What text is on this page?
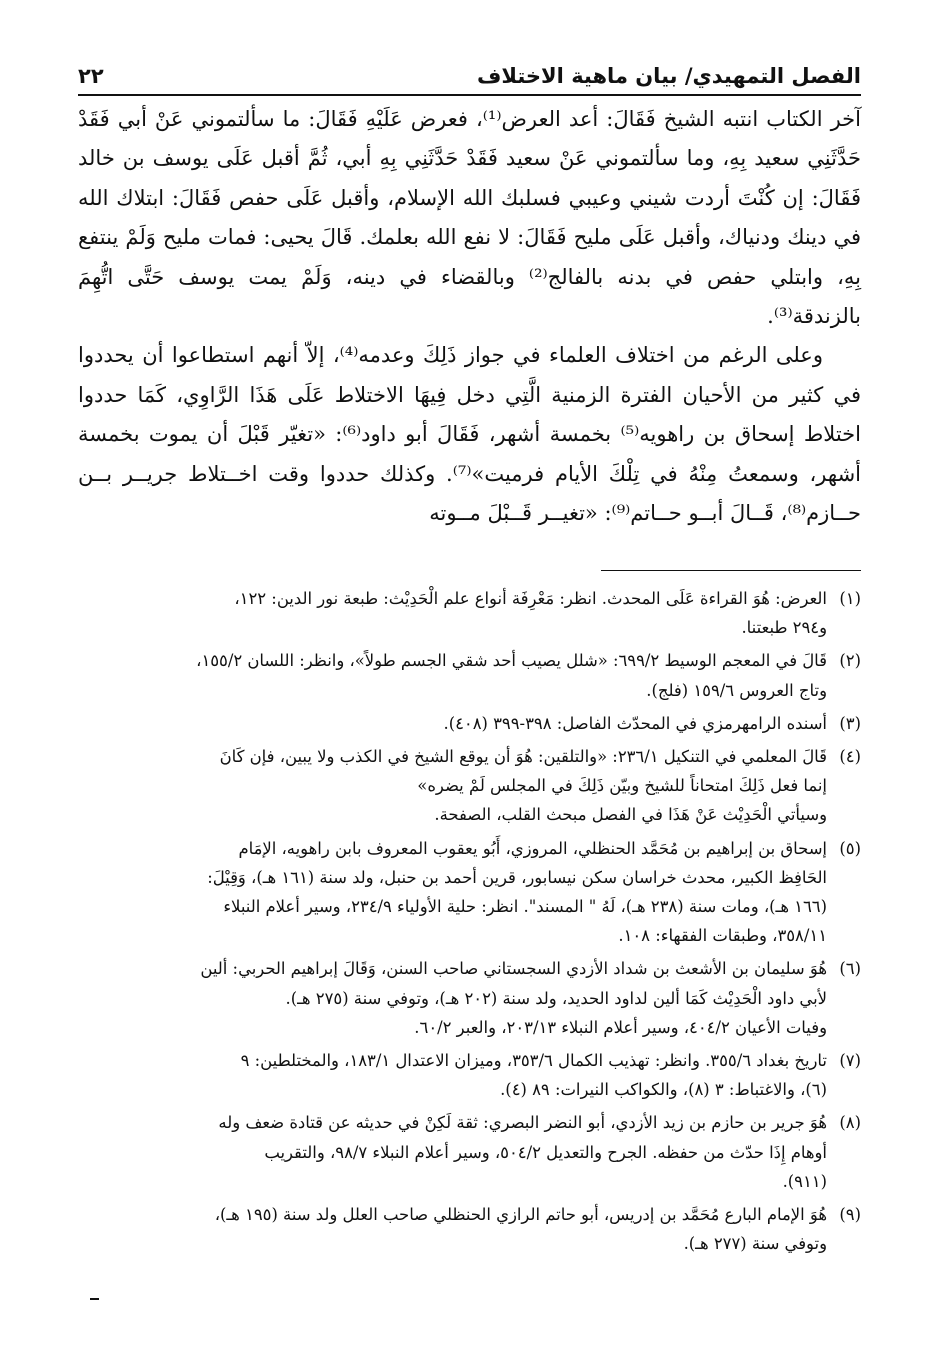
الفصل التمهيدي/ بيان ماهية الاختلاف
٢٢

آخر الكتاب انتبه الشيخ فَقَالَ: أعد العرض⁽¹⁾، فعرض عَلَيْهِ فَقَالَ: ما سألتموني عَنْ أبي فَقَدْ حَدَّثَنِي سعيد بِهِ، وما سألتموني عَنْ سعيد فَقَدْ حَدَّثَنِي بِهِ أبي، ثُمَّ أقبل عَلَى يوسف بن خالد فَقَالَ: إن كُنْتَ أردت شيني وعيبي فسلبك الله الإسلام، وأقبل عَلَى حفص فَقَالَ: ابتلاك الله في دينك ودنياك، وأقبل عَلَى مليح فَقَالَ: لا نفع الله بعلمك. قَالَ يحيى: فمات مليح وَلَمْ ينتفع بِهِ، وابتلي حفص في بدنه بالفالج⁽²⁾ وبالقضاء في دينه، وَلَمْ يمت يوسف حَتَّى اتُّهِمَ بالزندقة⁽³⁾.

وعلى الرغم من اختلاف العلماء في جواز ذَلِكَ وعدمه⁽⁴⁾، إلاّ أنهم استطاعوا أن يحددوا في كثير من الأحيان الفترة الزمنية الَّتِي دخل فِيهَا الاختلاط عَلَى هَذَا الرَّاوِي، كَمَا حددوا اختلاط إسحاق بن راهويه⁽⁵⁾ بخمسة أشهر، فَقَالَ أبو داود⁽⁶⁾: «تغيّر قَبْلَ أن يموت بخمسة أشهر، وسمعتُ مِنْهُ في تِلْكَ الأيام فرميت»⁽⁷⁾. وكذلك حددوا وقت اخــتلاط جريــر بــن حــازم⁽⁸⁾، قَــالَ أبــو حــاتم⁽⁹⁾: «تغيــر قَــبْلَ مــوته

(١)
العرض: هُوَ القراءة عَلَى المحدث. انظر: مَعْرِفَة أنواع علم الْحَدِيْث: طبعة نور الدين: ١٢٢،
و٢٩٤ طبعتنا.
(٢)
قَالَ في المعجم الوسيط ٦٩٩/٢: «شلل يصيب أحد شقي الجسم طولاً»، وانظر: اللسان ١٥٥/٢،
وتاج العروس ١٥٩/٦ (فلج).
(٣)
أسنده الرامهرمزي في المحدّث الفاصل: ٣٩٨-٣٩٩ (٤٠٨).
(٤)
قَالَ المعلمي في التنكيل ٢٣٦/١: «والتلقين: هُوَ أن يوقع الشيخ في الكذب ولا يبين، فإن كَانَ
إنما فعل ذَلِكَ امتحاناً للشيخ وبيّن ذَلِكَ في المجلس لَمْ يضره»
وسيأتي الْحَدِيْث عَنْ هَذَا في الفصل مبحث القلب، الصفحة.
(٥)
إسحاق بن إبراهيم بن مُحَمَّد الحنظلي، المروزي، أَبُو يعقوب المعروف بابن راهويه، الإمَام
الحَافِظ الكبير، محدث خراسان سكن نيسابور، قرين أحمد بن حنبل، ولد سنة (١٦١ هـ)، وَقِيْلَ:
(١٦٦ هـ)، ومات سنة (٢٣٨ هـ)، لَهُ " المسند". انظر: حلية الأولياء ٢٣٤/٩، وسير أعلام النبلاء
٣٥٨/١١، وطبقات الفقهاء: ١٠٨.
(٦)
هُوَ سليمان بن الأشعث بن شداد الأزدي السجستاني صاحب السنن، وَقَالَ إبراهيم الحربي: ألين
لأبي داود الْحَدِيْث كَمَا ألين لداود الحديد، ولد سنة (٢٠٢ هـ)، وتوفي سنة (٢٧٥ هـ).
وفيات الأعيان ٤٠٤/٢، وسير أعلام النبلاء ٢٠٣/١٣، والعبر ٦٠/٢.
(٧)
تاريخ بغداد ٣٥٥/٦. وانظر: تهذيب الكمال ٣٥٣/٦، وميزان الاعتدال ١٨٣/١، والمختلطين: ٩
(٦)، والاغتباط: ٣ (٨)، والكواكب النيرات: ٨٩ (٤).
(٨)
هُوَ جرير بن حازم بن زيد الأزدي، أبو النضر البصري: ثقة لَكِنْ في حديثه عن قتادة ضعف وله
أوهام إِذَا حدّث من حفظه. الجرح والتعديل ٥٠٤/٢، وسير أعلام النبلاء ٩٨/٧، والتقريب
(٩١١).
(٩)
هُوَ الإمام البارع مُحَمَّد بن إدريس، أبو حاتم الرازي الحنظلي صاحب العلل ولد سنة (١٩٥ هـ)،
وتوفي سنة (٢٧٧ هـ).
